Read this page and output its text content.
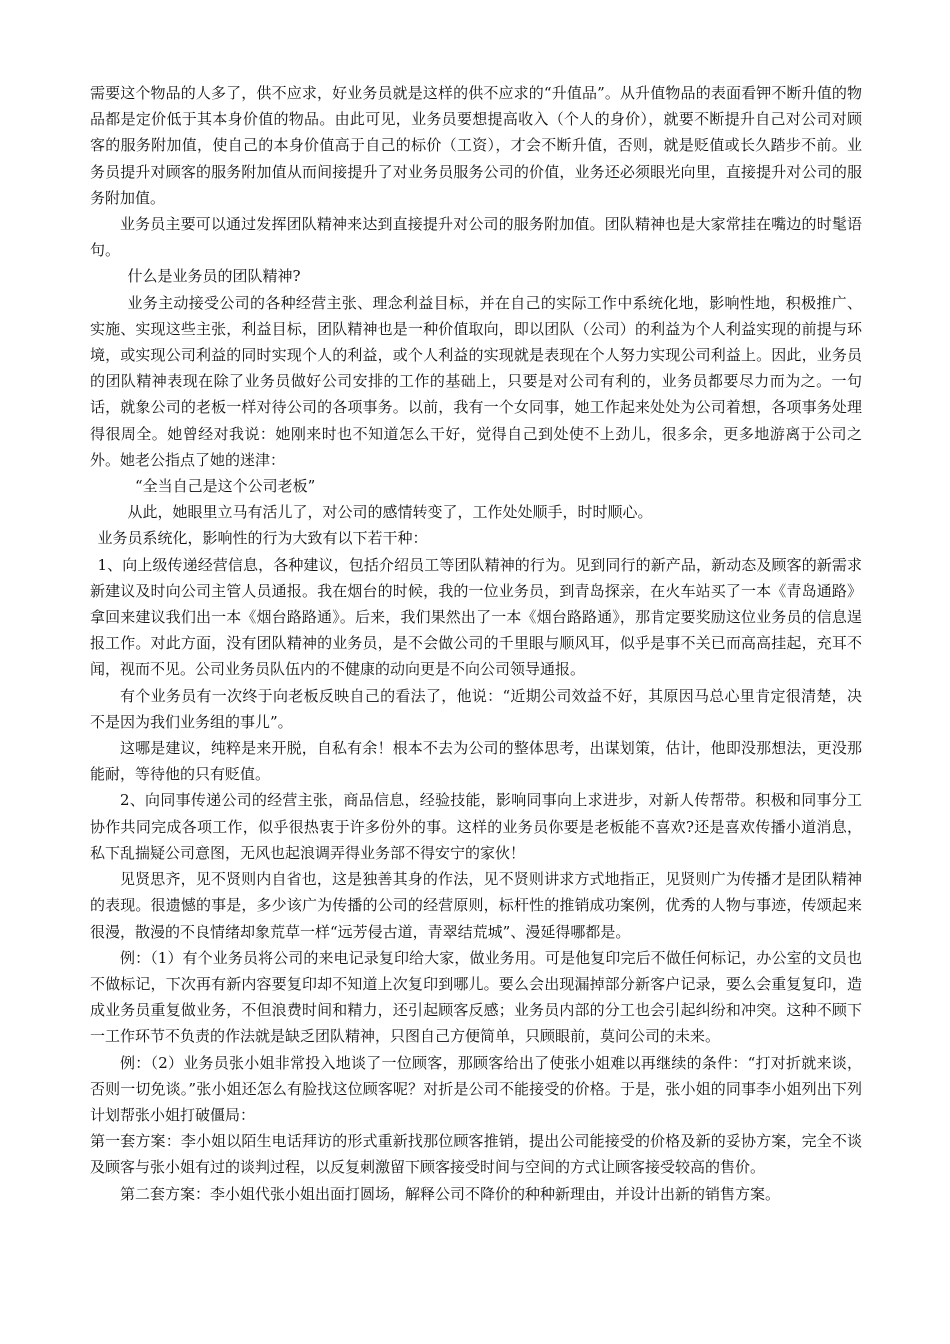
需要这个物品的人多了，供不应求，好业务员就是这样的供不应求的“升值品”。从升值物品的表面看钾不断升值的物品都是定价低于其本身价值的物品。由此可见，业务员要想提高收入（个人的身价），就要不断提升自己对公司对顾客的服务附加值，使自己的本身价值高于自己的标价（工资），才会不断升值，否则，就是贬值或长久踏步不前。业务员提升对顾客的服务附加值从而间接提升了对业务员服务公司的价值，业务还必须眼光向里，直接提升对公司的服务附加值。

业务员主要可以通过发挥团队精神来达到直接提升对公司的服务附加值。团队精神也是大家常挂在嘴边的时髦语句。

什么是业务员的团队精神?

业务主动接受公司的各种经营主张、理念利益目标，并在自己的实际工作中系统化地，影响性地，积极推广、实施、实现这些主张，利益目标，团队精神也是一种价值取向，即以团队（公司）的利益为个人利益实现的前提与环境，或实现公司利益的同时实现个人的利益，或个人利益的实现就是表现在个人努力实现公司利益上。因此，业务员的团队精神表现在除了业务员做好公司安排的工作的基础上，只要是对公司有利的，业务员都要尽力而为之。一句话，就象公司的老板一样对待公司的各项事务。以前，我有一个女同事，她工作起来处处为公司着想，各项事务处理得很周全。她曾经对我说：她刚来时也不知道怎么干好，觉得自己到处使不上劲儿，很多余，更多地游离于公司之外。她老公指点了她的迷津：

“全当自己是这个公司老板”

从此，她眼里立马有活儿了，对公司的感情转变了，工作处处顺手，时时顺心。

业务员系统化，影响性的行为大致有以下若干种：

1、向上级传递经营信息，各种建议，包括介绍员工等团队精神的行为。见到同行的新产品，新动态及顾客的新需求新建议及时向公司主管人员通报。我在烟台的时候，我的一位业务员，到青岛探亲，在火车站买了一本《青岛通路》拿回来建议我们出一本《烟台路路通》。后来，我们果然出了一本《烟台路路通》，那肯定要奖励这位业务员的信息逞报工作。对此方面，没有团队精神的业务员，是不会做公司的千里眼与顺风耳，似乎是事不关已而高高挂起，充耳不闻，视而不见。公司业务员队伍内的不健康的动向更是不向公司领导通报。

有个业务员有一次终于向老板反映自己的看法了，他说：“近期公司效益不好，其原因马总心里肯定很清楚，决不是因为我们业务组的事儿”。

这哪是建议，纯粹是来开脱，自私有余！根本不去为公司的整体思考，出谋划策，估计，他即没那想法，更没那能耐，等待他的只有贬值。

2、向同事传递公司的经营主张，商品信息，经验技能，影响同事向上求进步，对新人传帮带。积极和同事分工协作共同完成各项工作，似乎很热衷于许多份外的事。这样的业务员你要是老板能不喜欢?还是喜欢传播小道消息，私下乱揣疑公司意图，无风也起浪调弄得业务部不得安宁的家伙！

见贤思齐，见不贤则内自省也，这是独善其身的作法，见不贤则讲求方式地指正，见贤则广为传播才是团队精神的表现。很遗憾的事是，多少该广为传播的公司的经营原则，标杆性的推销成功案例，优秀的人物与事迹，传颂起来很漫，散漫的不良情绪却象荒草一样“远芳侵古道，青翠结荒城”、漫延得哪都是。

例：（1）有个业务员将公司的来电记录复印给大家，做业务用。可是他复印完后不做任何标记，办公室的文员也不做标记，下次再有新内容要复印却不知道上次复印到哪儿。要么会出现漏掉部分新客户记录，要么会重复复印，造成业务员重复做业务，不但浪费时间和精力，还引起顾客反感；业务员内部的分工也会引起纠纷和冲突。这种不顾下一工作环节不负责的作法就是缺乏团队精神，只图自己方便简单，只顾眼前，莫问公司的未来。

例：（2）业务员张小姐非常投入地谈了一位顾客，那顾客给出了使张小姐难以再继续的条件：“打对折就来谈，否则一切免谈。”张小姐还怎么有脸找这位顾客呢？对折是公司不能接受的价格。于是，张小姐的同事李小姐列出下列计划帮张小姐打破僵局：

第一套方案：李小姐以陌生电话拜访的形式重新找那位顾客推销，提出公司能接受的价格及新的妥协方案，完全不谈及顾客与张小姐有过的谈判过程，以反复刺激留下顾客接受时间与空间的方式让顾客接受较高的售价。

第二套方案：李小姐代张小姐出面打圆场，解释公司不降价的种种新理由，并设计出新的销售方案。
